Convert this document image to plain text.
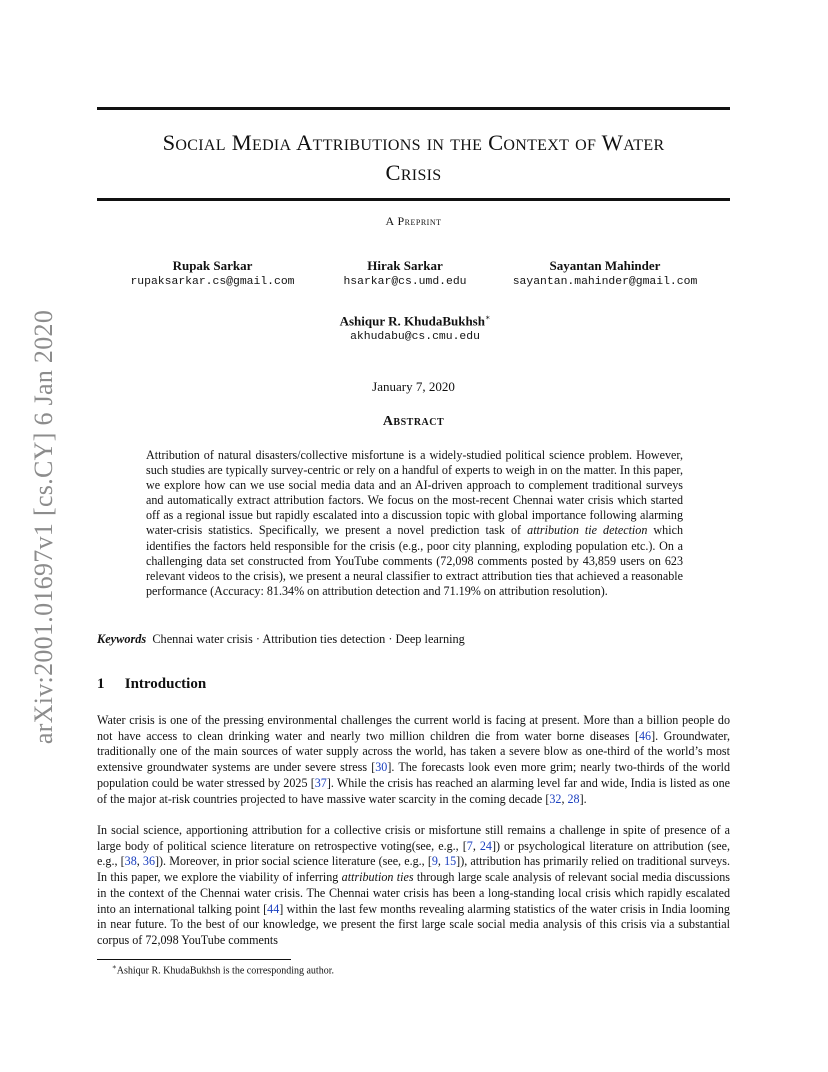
arXiv:2001.01697v1 [cs.CY] 6 Jan 2020
Social Media Attributions in the Context of Water
Crisis
A Preprint
Rupak Sarkar
rupaksarkar.cs@gmail.com
Hirak Sarkar
hsarkar@cs.umd.edu
Sayantan Mahinder
sayantan.mahinder@gmail.com
Ashiqur R. KhudaBukhsh∗
akhudabu@cs.cmu.edu
January 7, 2020
Abstract

Attribution of natural disasters/collective misfortune is a widely-studied political science problem. However, such studies are typically survey-centric or rely on a handful of experts to weigh in on the matter. In this paper, we explore how can we use social media data and an AI-driven approach to complement traditional surveys and automatically extract attribution factors. We focus on the most-recent Chennai water crisis which started off as a regional issue but rapidly escalated into a discussion topic with global importance following alarming water-crisis statistics. Specifically, we present a novel prediction task of attribution tie detection which identifies the factors held responsible for the crisis (e.g., poor city planning, exploding population etc.). On a challenging data set constructed from YouTube comments (72,098 comments posted by 43,859 users on 623 relevant videos to the crisis), we present a neural classifier to extract attribution ties that achieved a reasonable performance (Accuracy: 81.34% on attribution detection and 71.19% on attribution resolution).

Keywords Chennai water crisis · Attribution ties detection · Deep learning
1 Introduction

Water crisis is one of the pressing environmental challenges the current world is facing at present. More than a billion people do not have access to clean drinking water and nearly two million children die from water borne diseases [46]. Groundwater, traditionally one of the main sources of water supply across the world, has taken a severe blow as one-third of the world’s most extensive groundwater systems are under severe stress [30]. The forecasts look even more grim; nearly two-thirds of the world population could be water stressed by 2025 [37]. While the crisis has reached an alarming level far and wide, India is listed as one of the major at-risk countries projected to have massive water scarcity in the coming decade [32, 28].

In social science, apportioning attribution for a collective crisis or misfortune still remains a challenge in spite of presence of a large body of political science literature on retrospective voting(see, e.g., [7, 24]) or psychological literature on attribution (see, e.g., [38, 36]). Moreover, in prior social science literature (see, e.g., [9, 15]), attribution has primarily relied on traditional surveys. In this paper, we explore the viability of inferring attribution ties through large scale analysis of relevant social media discussions in the context of the Chennai water crisis. The Chennai water crisis has been a long-standing local crisis which rapidly escalated into an international talking point [44] within the last few months revealing alarming statistics of the water crisis in India looming in near future. To the best of our knowledge, we present the first large scale social media analysis of this crisis via a substantial corpus of 72,098 YouTube comments

∗Ashiqur R. KhudaBukhsh is the corresponding author.
